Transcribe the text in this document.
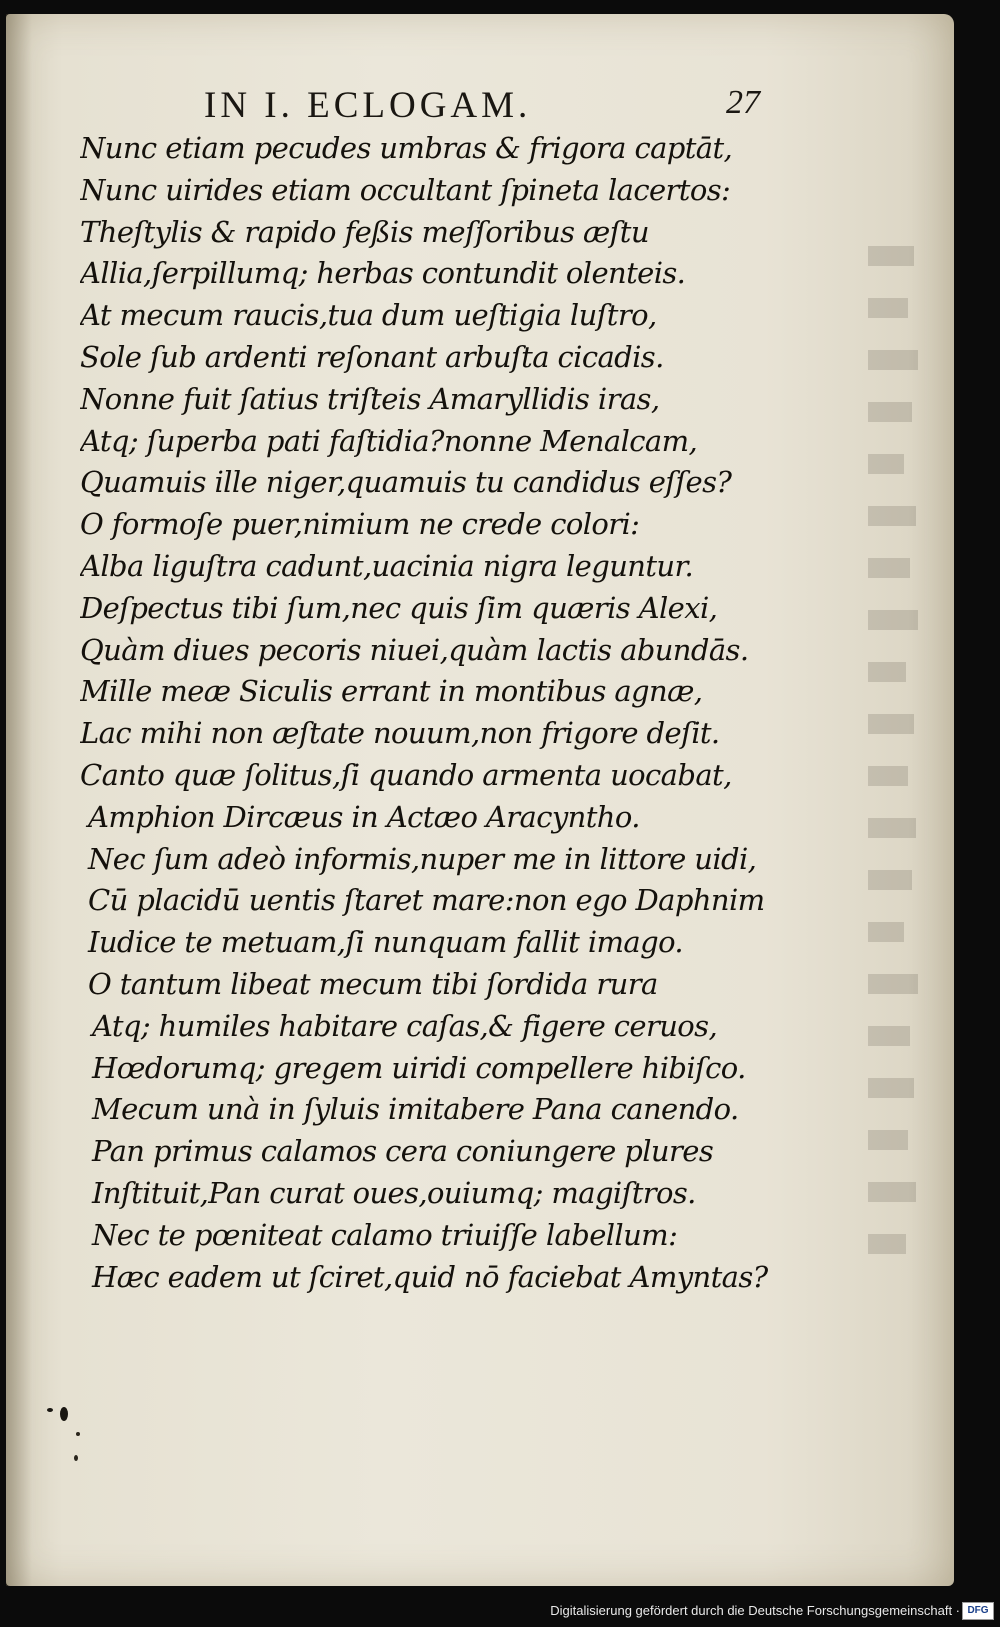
IN I. ECLOGAM.	27
Nunc etiam pecudes umbras & frigora captāt,
Nunc uirides etiam occultant ſpineta lacertos:
Theſtylis & rapido feßis meſſoribus æſtu
Allia,ſerpillumq; herbas contundit olenteis.
At mecum raucis,tua dum ueſtigia luſtro,
Sole ſub ardenti reſonant arbuſta cicadis.
Nonne fuit ſatius triſteis Amaryllidis iras,
Atq; ſuperba pati faſtidia?nonne Menalcam,
Quamuis ille niger,quamuis tu candidus eſſes?
O formoſe puer,nimium ne crede colori:
Alba liguſtra cadunt,uacinia nigra leguntur.
Deſpectus tibi ſum,nec quis ſim quæris Alexi,
Quàm diues pecoris niuei,quàm lactis abundās.
Mille meæ Siculis errant in montibus agnæ,
Lac mihi non æſtate nouum,non frigore deſit.
Canto quæ ſolitus,ſi quando armenta uocabat,
Amphion Dircæus in Actæo Aracyntho.
Nec ſum adeò informis,nuper me in littore uidi,
Cū placidū uentis ſtaret mare:non ego Daphnim
Iudice te metuam,ſi nunquam fallit imago.
O tantum libeat mecum tibi ſordida rura
Atq; humiles habitare caſas,& figere ceruos,
Hœdorumq; gregem uiridi compellere hibiſco.
Mecum unà in ſyluis imitabere Pana canendo.
Pan primus calamos cera coniungere plures
Inſtituit,Pan curat oues,ouiumq; magiſtros.
Nec te pœniteat calamo triuiſſe labellum:
Hæc eadem ut ſciret,quid nō faciebat Amyntas?
Digitalisierung gefördert durch die Deutsche Forschungsgemeinschaft · DFG
